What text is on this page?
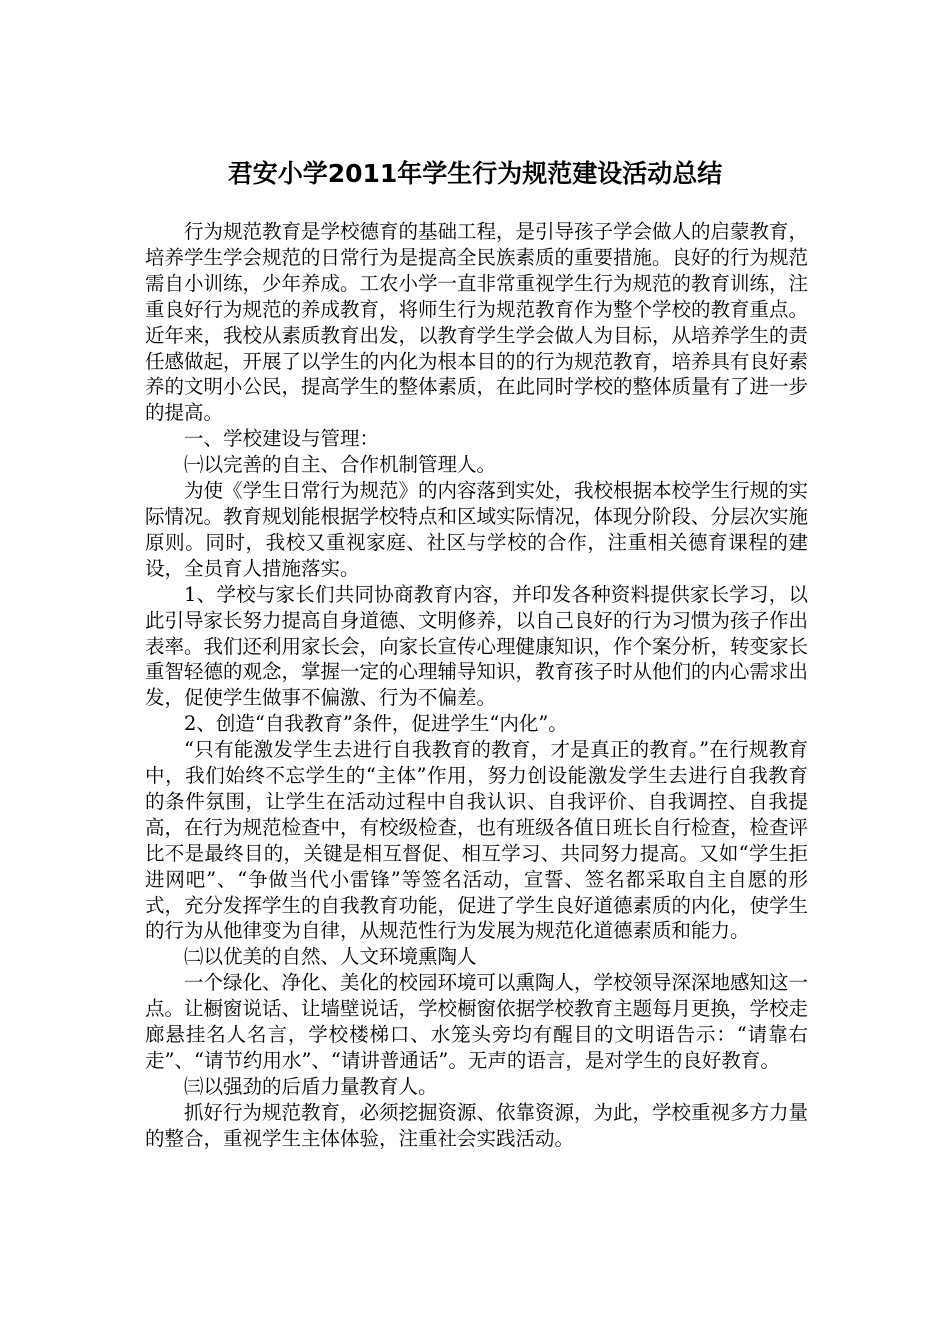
君安小学2011年学生行为规范建设活动总结

行为规范教育是学校德育的基础工程，是引导孩子学会做人的启蒙教育，培养学生学会规范的日常行为是提高全民族素质的重要措施。良好的行为规范需自小训练，少年养成。工农小学一直非常重视学生行为规范的教育训练，注重良好行为规范的养成教育，将师生行为规范教育作为整个学校的教育重点。近年来，我校从素质教育出发，以教育学生学会做人为目标，从培养学生的责任感做起，开展了以学生的内化为根本目的的行为规范教育，培养具有良好素养的文明小公民，提高学生的整体素质，在此同时学校的整体质量有了进一步的提高。

一、学校建设与管理：

㈠以完善的自主、合作机制管理人。

为使《学生日常行为规范》的内容落到实处，我校根据本校学生行规的实际情况。教育规划能根据学校特点和区域实际情况，体现分阶段、分层次实施原则。同时，我校又重视家庭、社区与学校的合作，注重相关德育课程的建设，全员育人措施落实。

1、学校与家长们共同协商教育内容，并印发各种资料提供家长学习，以此引导家长努力提高自身道德、文明修养，以自己良好的行为习惯为孩子作出表率。我们还利用家长会，向家长宣传心理健康知识，作个案分析，转变家长重智轻德的观念，掌握一定的心理辅导知识，教育孩子时从他们的内心需求出发，促使学生做事不偏激、行为不偏差。

2、创造“自我教育”条件，促进学生“内化”。

“只有能激发学生去进行自我教育的教育，才是真正的教育。”在行规教育中，我们始终不忘学生的“主体”作用，努力创设能激发学生去进行自我教育的条件氛围，让学生在活动过程中自我认识、自我评价、自我调控、自我提高，在行为规范检查中，有校级检查，也有班级各值日班长自行检查，检查评比不是最终目的，关键是相互督促、相互学习、共同努力提高。又如“学生拒进网吧”、“争做当代小雷锋”等签名活动，宣誓、签名都采取自主自愿的形式，充分发挥学生的自我教育功能，促进了学生良好道德素质的内化，使学生的行为从他律变为自律，从规范性行为发展为规范化道德素质和能力。

㈡以优美的自然、人文环境熏陶人

一个绿化、净化、美化的校园环境可以熏陶人，学校领导深深地感知这一点。让橱窗说话、让墙壁说话，学校橱窗依据学校教育主题每月更换，学校走廊悬挂名人名言，学校楼梯口、水笼头旁均有醒目的文明语告示：“请靠右走”、“请节约用水”、“请讲普通话”。无声的语言，是对学生的良好教育。

㈢以强劲的后盾力量教育人。

抓好行为规范教育，必须挖掘资源、依靠资源，为此，学校重视多方力量的整合，重视学生主体体验，注重社会实践活动。
